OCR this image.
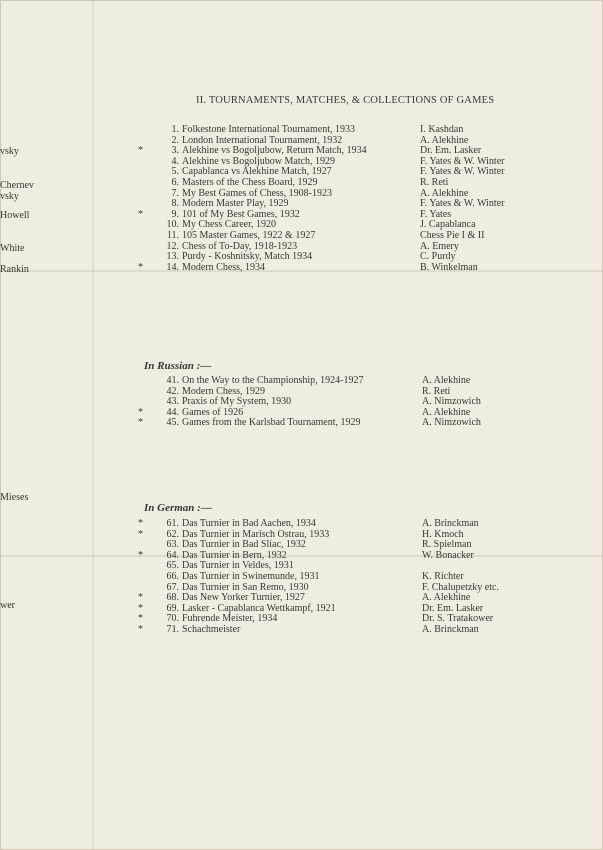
II. TOURNAMENTS, MATCHES, & COLLECTIONS OF GAMES
vsky
Chernev
vsky
Howell
White
Rankin
Mieses
wer
1. Folkestone International Tournament, 1933	I. Kashdan
2. London International Tournament, 1932	A. Alekhine
*	3. Alekhine vs Bogoljubow, Return Match, 1934	Dr. Em. Lasker
4. Alekhine vs Bogoljubow Match, 1929	F. Yates & W. Winter
5. Capablanca vs Alekhine Match, 1927	F. Yates & W. Winter
6. Masters of the Chess Board, 1929	R. Reti
7. My Best Games of Chess, 1908-1923	A. Alekhine
8. Modern Master Play, 1929	F. Yates & W. Winter
*	9. 101 of My Best Games, 1932	F. Yates
10. My Chess Career, 1920	J. Capablanca
11. 105 Master Games, 1922 & 1927	Chess Pie I & II
12. Chess of To-Day, 1918-1923	A. Emery
13. Purdy - Koshnitsky, Match 1934	C. Purdy
*	14. Modern Chess, 1934	B. Winkelman
In Russian :—
41. On the Way to the Championship, 1924-1927	A. Alekhine
42. Modern Chess, 1929	R. Reti
43. Praxis of My System, 1930	A. Nimzowich
*	44. Games of 1926	A. Alekhine
*	45. Games from the Karlsbad Tournament, 1929	A. Nimzowich
In German :—
*	61. Das Turnier in Bad Aachen, 1934	A. Brinckman
*	62. Das Turnier in Marisch Ostrau, 1933	H. Kmoch
63. Das Turnier in Bad Sliac, 1932	R. Spielman
*	64. Das Turnier in Bern, 1932	W. Bonacker
65. Das Turnier in Veldes, 1931
66. Das Turnier in Swinemunde, 1931	K. Richter
67. Das Turnier in San Remo, 1930	F. Chalupetzky etc.
*	68. Das New Yorker Turnier, 1927	A. Alekhine
*	69. Lasker - Capablanca Wettkampf, 1921	Dr. Em. Lasker
*	70. Fuhrende Meister, 1934	Dr. S. Tratakower
*	71. Schachmeister	A. Brinckman
